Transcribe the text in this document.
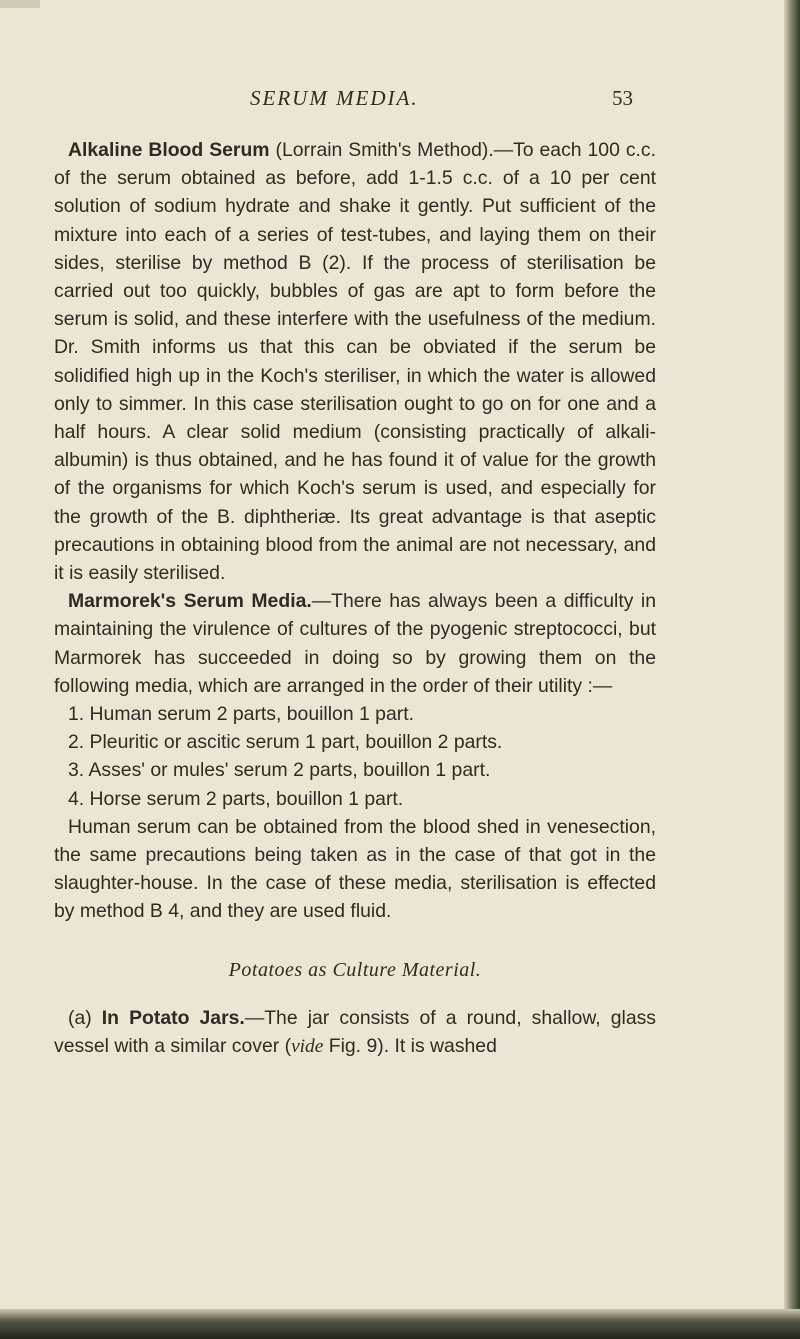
SERUM MEDIA.	53

Alkaline Blood Serum (Lorrain Smith's Method).—To each 100 c.c. of the serum obtained as before, add 1-1.5 c.c. of a 10 per cent solution of sodium hydrate and shake it gently. Put sufficient of the mixture into each of a series of test-tubes, and laying them on their sides, sterilise by method B (2). If the process of sterilisation be carried out too quickly, bubbles of gas are apt to form before the serum is solid, and these interfere with the usefulness of the medium. Dr. Smith informs us that this can be obviated if the serum be solidified high up in the Koch's steriliser, in which the water is allowed only to simmer. In this case sterilisation ought to go on for one and a half hours. A clear solid medium (consisting practically of alkali-albumin) is thus obtained, and he has found it of value for the growth of the organisms for which Koch's serum is used, and especially for the growth of the B. diphtheriæ. Its great advantage is that aseptic precautions in obtaining blood from the animal are not necessary, and it is easily sterilised.

Marmorek's Serum Media.—There has always been a difficulty in maintaining the virulence of cultures of the pyogenic streptococci, but Marmorek has succeeded in doing so by growing them on the following media, which are arranged in the order of their utility :—

1. Human serum 2 parts, bouillon 1 part.
2. Pleuritic or ascitic serum 1 part, bouillon 2 parts.
3. Asses' or mules' serum 2 parts, bouillon 1 part.
4. Horse serum 2 parts, bouillon 1 part.

Human serum can be obtained from the blood shed in venesection, the same precautions being taken as in the case of that got in the slaughter-house. In the case of these media, sterilisation is effected by method B 4, and they are used fluid.

Potatoes as Culture Material.

(a) In Potato Jars.—The jar consists of a round, shallow, glass vessel with a similar cover (vide Fig. 9). It is washed
